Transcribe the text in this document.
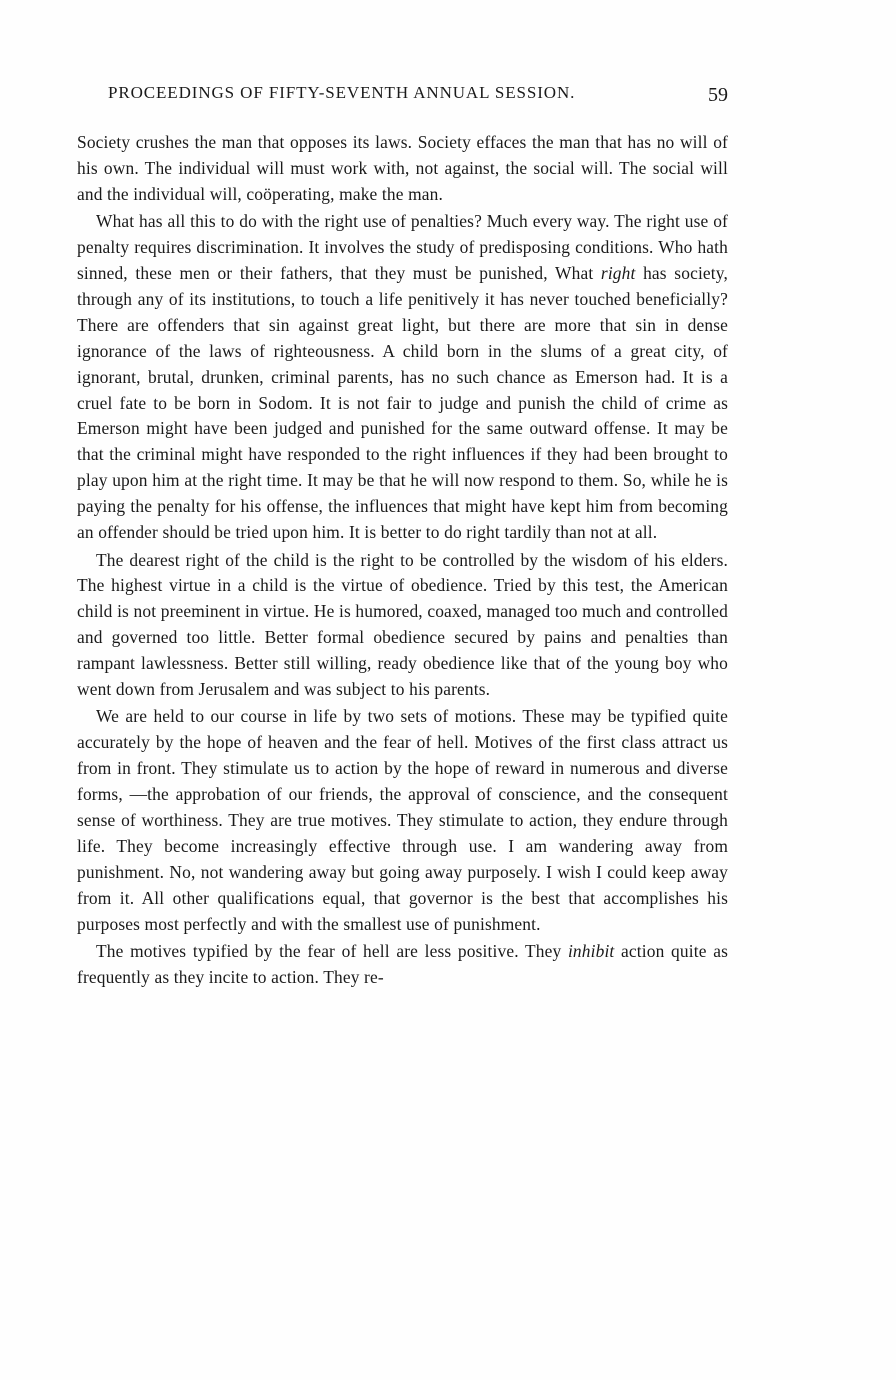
PROCEEDINGS OF FIFTY-SEVENTH ANNUAL SESSION.	59

Society crushes the man that opposes its laws. Society effaces the man that has no will of his own. The individual will must work with, not against, the social will. The social will and the individual will, coöperating, make the man.

What has all this to do with the right use of penalties? Much every way. The right use of penalty requires discrimination. It involves the study of predisposing conditions. Who hath sinned, these men or their fathers, that they must be punished, What right has society, through any of its institutions, to touch a life penitively it has never touched beneficially? There are offenders that sin against great light, but there are more that sin in dense ignorance of the laws of righteousness. A child born in the slums of a great city, of ignorant, brutal, drunken, criminal parents, has no such chance as Emerson had. It is a cruel fate to be born in Sodom. It is not fair to judge and punish the child of crime as Emerson might have been judged and punished for the same outward offense. It may be that the criminal might have responded to the right influences if they had been brought to play upon him at the right time. It may be that he will now respond to them. So, while he is paying the penalty for his offense, the influences that might have kept him from becoming an offender should be tried upon him. It is better to do right tardily than not at all.

The dearest right of the child is the right to be controlled by the wisdom of his elders. The highest virtue in a child is the virtue of obedience. Tried by this test, the American child is not preeminent in virtue. He is humored, coaxed, managed too much and controlled and governed too little. Better formal obedience secured by pains and penalties than rampant lawlessness. Better still willing, ready obedience like that of the young boy who went down from Jerusalem and was subject to his parents.

We are held to our course in life by two sets of motions. These may be typified quite accurately by the hope of heaven and the fear of hell. Motives of the first class attract us from in front. They stimulate us to action by the hope of reward in numerous and diverse forms, —the approbation of our friends, the approval of conscience, and the consequent sense of worthiness. They are true motives. They stimulate to action, they endure through life. They become increasingly effective through use. I am wandering away from punishment. No, not wandering away but going away purposely. I wish I could keep away from it. All other qualifications equal, that governor is the best that accomplishes his purposes most perfectly and with the smallest use of punishment.

The motives typified by the fear of hell are less positive. They inhibit action quite as frequently as they incite to action. They re-
